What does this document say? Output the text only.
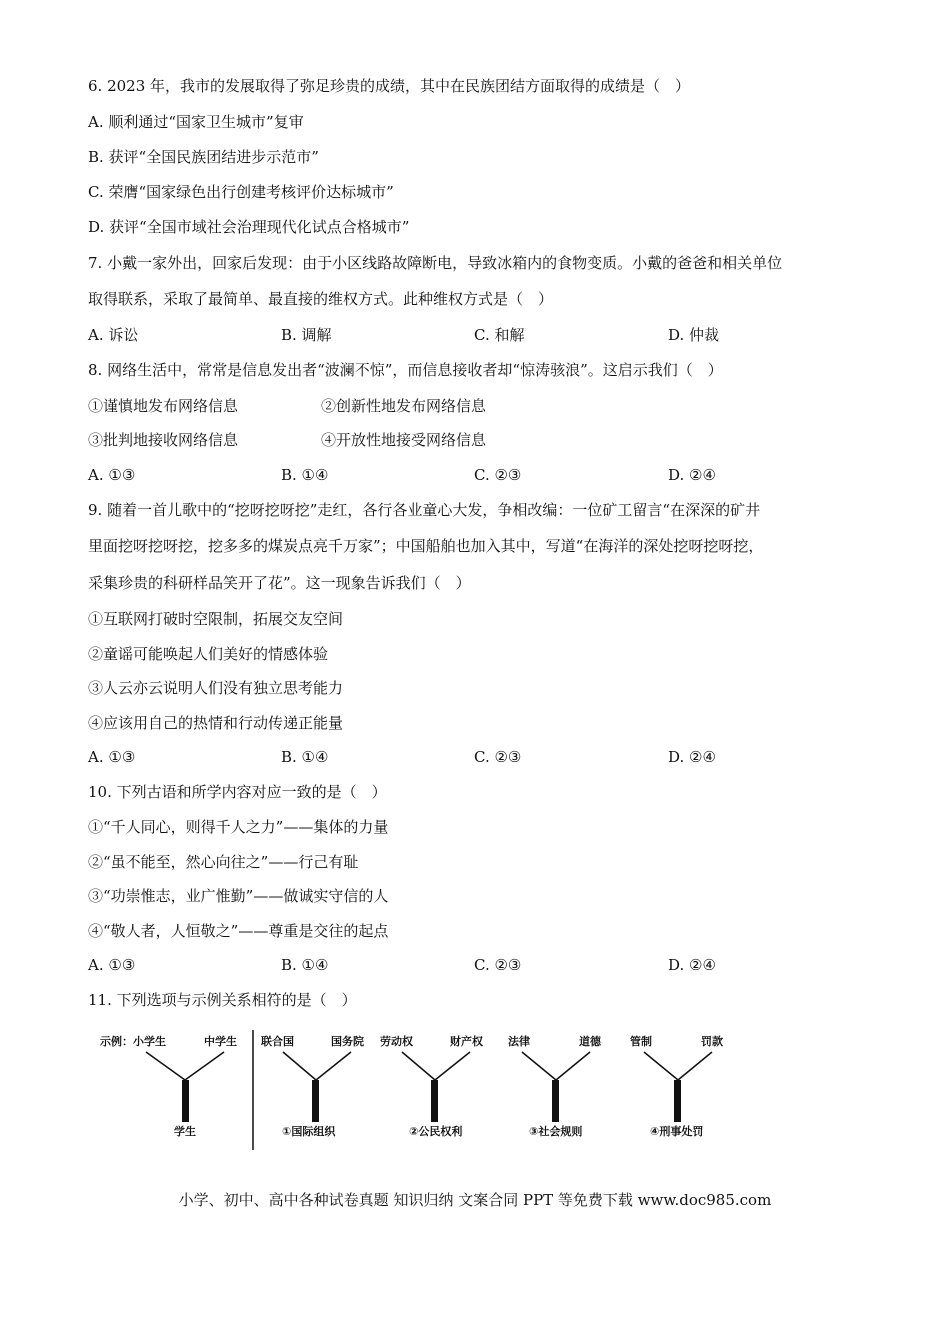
6. 2023 年，我市的发展取得了弥足珍贵的成绩，其中在民族团结方面取得的成绩是（　）
A. 顺利通过“国家卫生城市”复审
B. 获评“全国民族团结进步示范市”
C. 荣膺“国家绿色出行创建考核评价达标城市”
D. 获评“全国市域社会治理现代化试点合格城市”
7. 小戴一家外出，回家后发现：由于小区线路故障断电，导致冰箱内的食物变质。小戴的爸爸和相关单位
取得联系，采取了最简单、最直接的维权方式。此种维权方式是（　）
A. 诉讼	B. 调解	C. 和解	D. 仲裁
8. 网络生活中，常常是信息发出者“波澜不惊”，而信息接收者却“惊涛骇浪”。这启示我们（　）
①谨慎地发布网络信息	②创新性地发布网络信息
③批判地接收网络信息	④开放性地接受网络信息
A. ①③	B. ①④	C. ②③	D. ②④
9. 随着一首儿歌中的“挖呀挖呀挖”走红，各行各业童心大发，争相改编：一位矿工留言“在深深的矿井
里面挖呀挖呀挖，挖多多的煤炭点亮千万家”；中国船舶也加入其中，写道“在海洋的深处挖呀挖呀挖，
采集珍贵的科研样品笑开了花”。这一现象告诉我们（　）
①互联网打破时空限制，拓展交友空间
②童谣可能唤起人们美好的情感体验
③人云亦云说明人们没有独立思考能力
④应该用自己的热情和行动传递正能量
A. ①③	B. ①④	C. ②③	D. ②④
10. 下列古语和所学内容对应一致的是（　）
①“千人同心，则得千人之力”——集体的力量
②“虽不能至，然心向往之”——行己有耻
③“功崇惟志，业广惟勤”——做诚实守信的人
④“敬人者，人恒敬之”——尊重是交往的起点
A. ①③	B. ①④	C. ②③	D. ②④
11. 下列选项与示例关系相符的是（　）
示例：小学生	中学生
学生
联合国	国务院
①国际组织
劳动权	财产权
②公民权利
法律	道德
③社会规则
管制	罚款
④刑事处罚
小学、初中、高中各种试卷真题 知识归纳 文案合同 PPT 等免费下载 www.doc985.com
